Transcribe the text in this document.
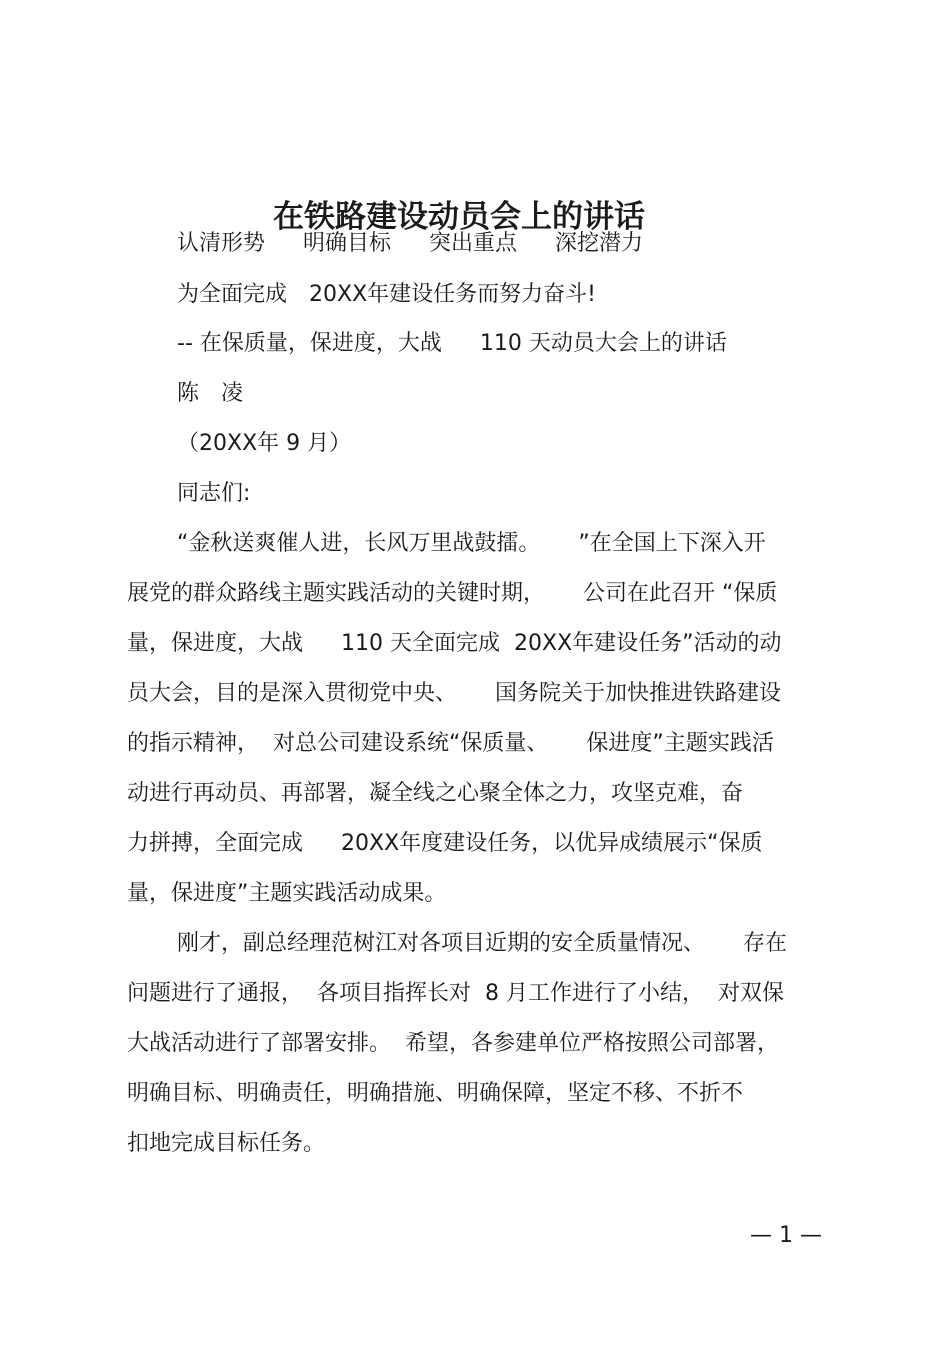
在铁路建设动员会上的讲话
认清形势 明确目标 突出重点 深挖潜力
为全面完成　20XX年建设任务而努力奋斗!
-- 在保质量，保进度，大战 110 天动员大会上的讲话
陈　凌
（20XX年 9 月）
同志们:
“金秋送爽催人进，长风万里战鼓擂。 ”在全国上下深入开
展党的群众路线主题实践活动的关键时期， 公司在此召开 “保质
量，保进度，大战 110 天全面完成 20XX年建设任务”活动的动
员大会，目的是深入贯彻党中央、 国务院关于加快推进铁路建设
的指示精神， 对总公司建设系统“保质量、 保进度”主题实践活
动进行再动员、再部署，凝全线之心聚全体之力，攻坚克难，奋
力拼搏，全面完成 20XX年度建设任务，以优异成绩展示“保质
量，保进度”主题实践活动成果。
刚才，副总经理范树江对各项目近期的安全质量情况、 存在
问题进行了通报， 各项目指挥长对 8 月工作进行了小结， 对双保
大战活动进行了部署安排。 希望，各参建单位严格按照公司部署，
明确目标、明确责任，明确措施、明确保障，坚定不移、不折不
扣地完成目标任务。
— 1 —
